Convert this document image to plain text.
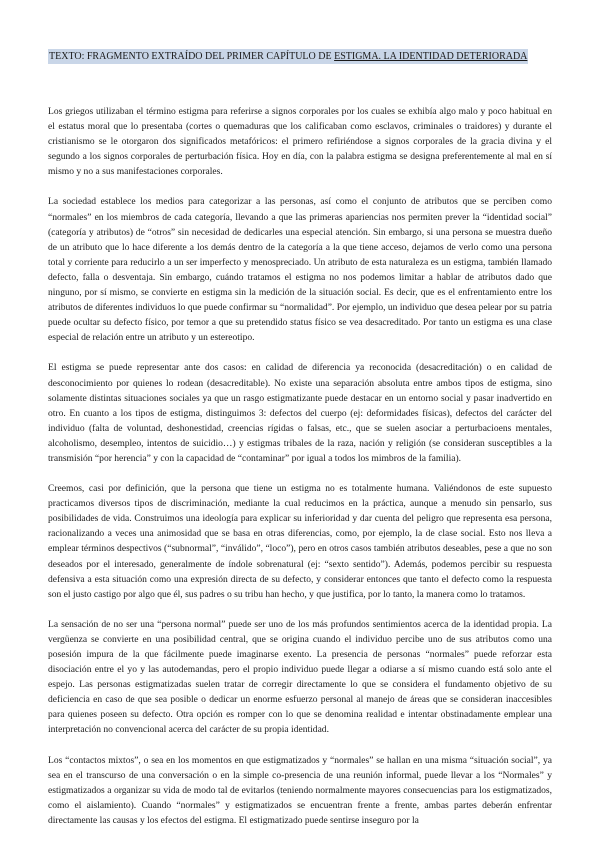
TEXTO: FRAGMENTO EXTRAÍDO DEL PRIMER CAPÍTULO DE ESTIGMA. LA IDENTIDAD DETERIORADA

Los griegos utilizaban el término estigma para referirse a signos corporales por los cuales se exhibía algo malo y poco habitual en el estatus moral que lo presentaba (cortes o quemaduras que los calificaban como esclavos, criminales o traidores) y durante el cristianismo se le otorgaron dos significados metafóricos: el primero refiriéndose a signos corporales de la gracia divina y el segundo a los signos corporales de perturbación física. Hoy en día, con la palabra estigma se designa preferentemente al mal en sí mismo y no a sus manifestaciones corporales.

La sociedad establece los medios para categorizar a las personas, así como el conjunto de atributos que se perciben como “normales” en los miembros de cada categoría, llevando a que las primeras apariencias nos permiten prever la “identidad social” (categoría y atributos) de “otros” sin necesidad de dedicarles una especial atención. Sin embargo, si una persona se muestra dueño de un atributo que lo hace diferente a los demás dentro de la categoría a la que tiene acceso, dejamos de verlo como una persona total y corriente para reducirlo a un ser imperfecto y menospreciado. Un atributo de esta naturaleza es un estigma, también llamado defecto, falla o desventaja. Sin embargo, cuándo tratamos el estigma no nos podemos limitar a hablar de atributos dado que ninguno, por sí mismo, se convierte en estigma sin la medición de la situación social. Es decir, que es el enfrentamiento entre los atributos de diferentes individuos lo que puede confirmar su “normalidad”. Por ejemplo, un individuo que desea pelear por su patria puede ocultar su defecto físico, por temor a que su pretendido status físico se vea desacreditado. Por tanto un estigma es una clase especial de relación entre un atributo y un estereotipo.

El estigma se puede representar ante dos casos: en calidad de diferencia ya reconocida (desacreditación) o en calidad de desconocimiento por quienes lo rodean (desacreditable). No existe una separación absoluta entre ambos tipos de estigma, sino solamente distintas situaciones sociales ya que un rasgo estigmatizante puede destacar en un entorno social y pasar inadvertido en otro. En cuanto a los tipos de estigma, distinguimos 3: defectos del cuerpo (ej: deformidades físicas), defectos del carácter del individuo (falta de voluntad, deshonestidad, creencias rígidas o falsas, etc., que se suelen asociar a perturbacioens mentales, alcoholismo, desempleo, intentos de suicidio…) y estigmas tribales de la raza, nación y religión (se consideran susceptibles a la transmisión “por herencia” y con la capacidad de “contaminar” por igual a todos los mimbros de la familia).

Creemos, casi por definición, que la persona que tiene un estigma no es totalmente humana. Valiéndonos de este supuesto practicamos diversos tipos de discriminación, mediante la cual reducimos en la práctica, aunque a menudo sin pensarlo, sus posibilidades de vida. Construimos una ideología para explicar su inferioridad y dar cuenta del peligro que representa esa persona, racionalizando a veces una animosidad que se basa en otras diferencias, como, por ejemplo, la de clase social. Esto nos lleva a emplear términos despectivos (“subnormal”, “inválido”, “loco”), pero en otros casos también atributos deseables, pese a que no son deseados por el interesado, generalmente de índole sobrenatural (ej: “sexto sentido”). Además, podemos percibir su respuesta defensiva a esta situación como una expresión directa de su defecto, y considerar entonces que tanto el defecto como la respuesta son el justo castigo por algo que él, sus padres o su tribu han hecho, y que justifica, por lo tanto, la manera como lo tratamos.

La sensación de no ser una “persona normal” puede ser uno de los más profundos sentimientos acerca de la identidad propia. La vergüenza se convierte en una posibilidad central, que se origina cuando el individuo percibe uno de sus atributos como una posesión impura de la que fácilmente puede imaginarse exento. La presencia de personas “normales” puede reforzar esta disociación entre el yo y las autodemandas, pero el propio individuo puede llegar a odiarse a sí mismo cuando está solo ante el espejo. Las personas estigmatizadas suelen tratar de corregir directamente lo que se considera el fundamento objetivo de su deficiencia en caso de que sea posible o dedicar un enorme esfuerzo personal al manejo de áreas que se consideran inaccesibles para quienes poseen su defecto. Otra opción es romper con lo que se denomina realidad e intentar obstinadamente emplear una interpretación no convencional acerca del carácter de su propia identidad.

Los “contactos mixtos”, o sea en los momentos en que estigmatizados y “normales” se hallan en una misma “situación social”, ya sea en el transcurso de una conversación o en la simple co-presencia de una reunión informal, puede llevar a los “Normales” y estigmatizados a organizar su vida de modo tal de evitarlos (teniendo normalmente mayores consecuencias para los estigmatizados, como el aislamiento). Cuando “normales” y estigmatizados se encuentran frente a frente, ambas partes deberán enfrentar directamente las causas y los efectos del estigma. El estigmatizado puede sentirse inseguro por la
